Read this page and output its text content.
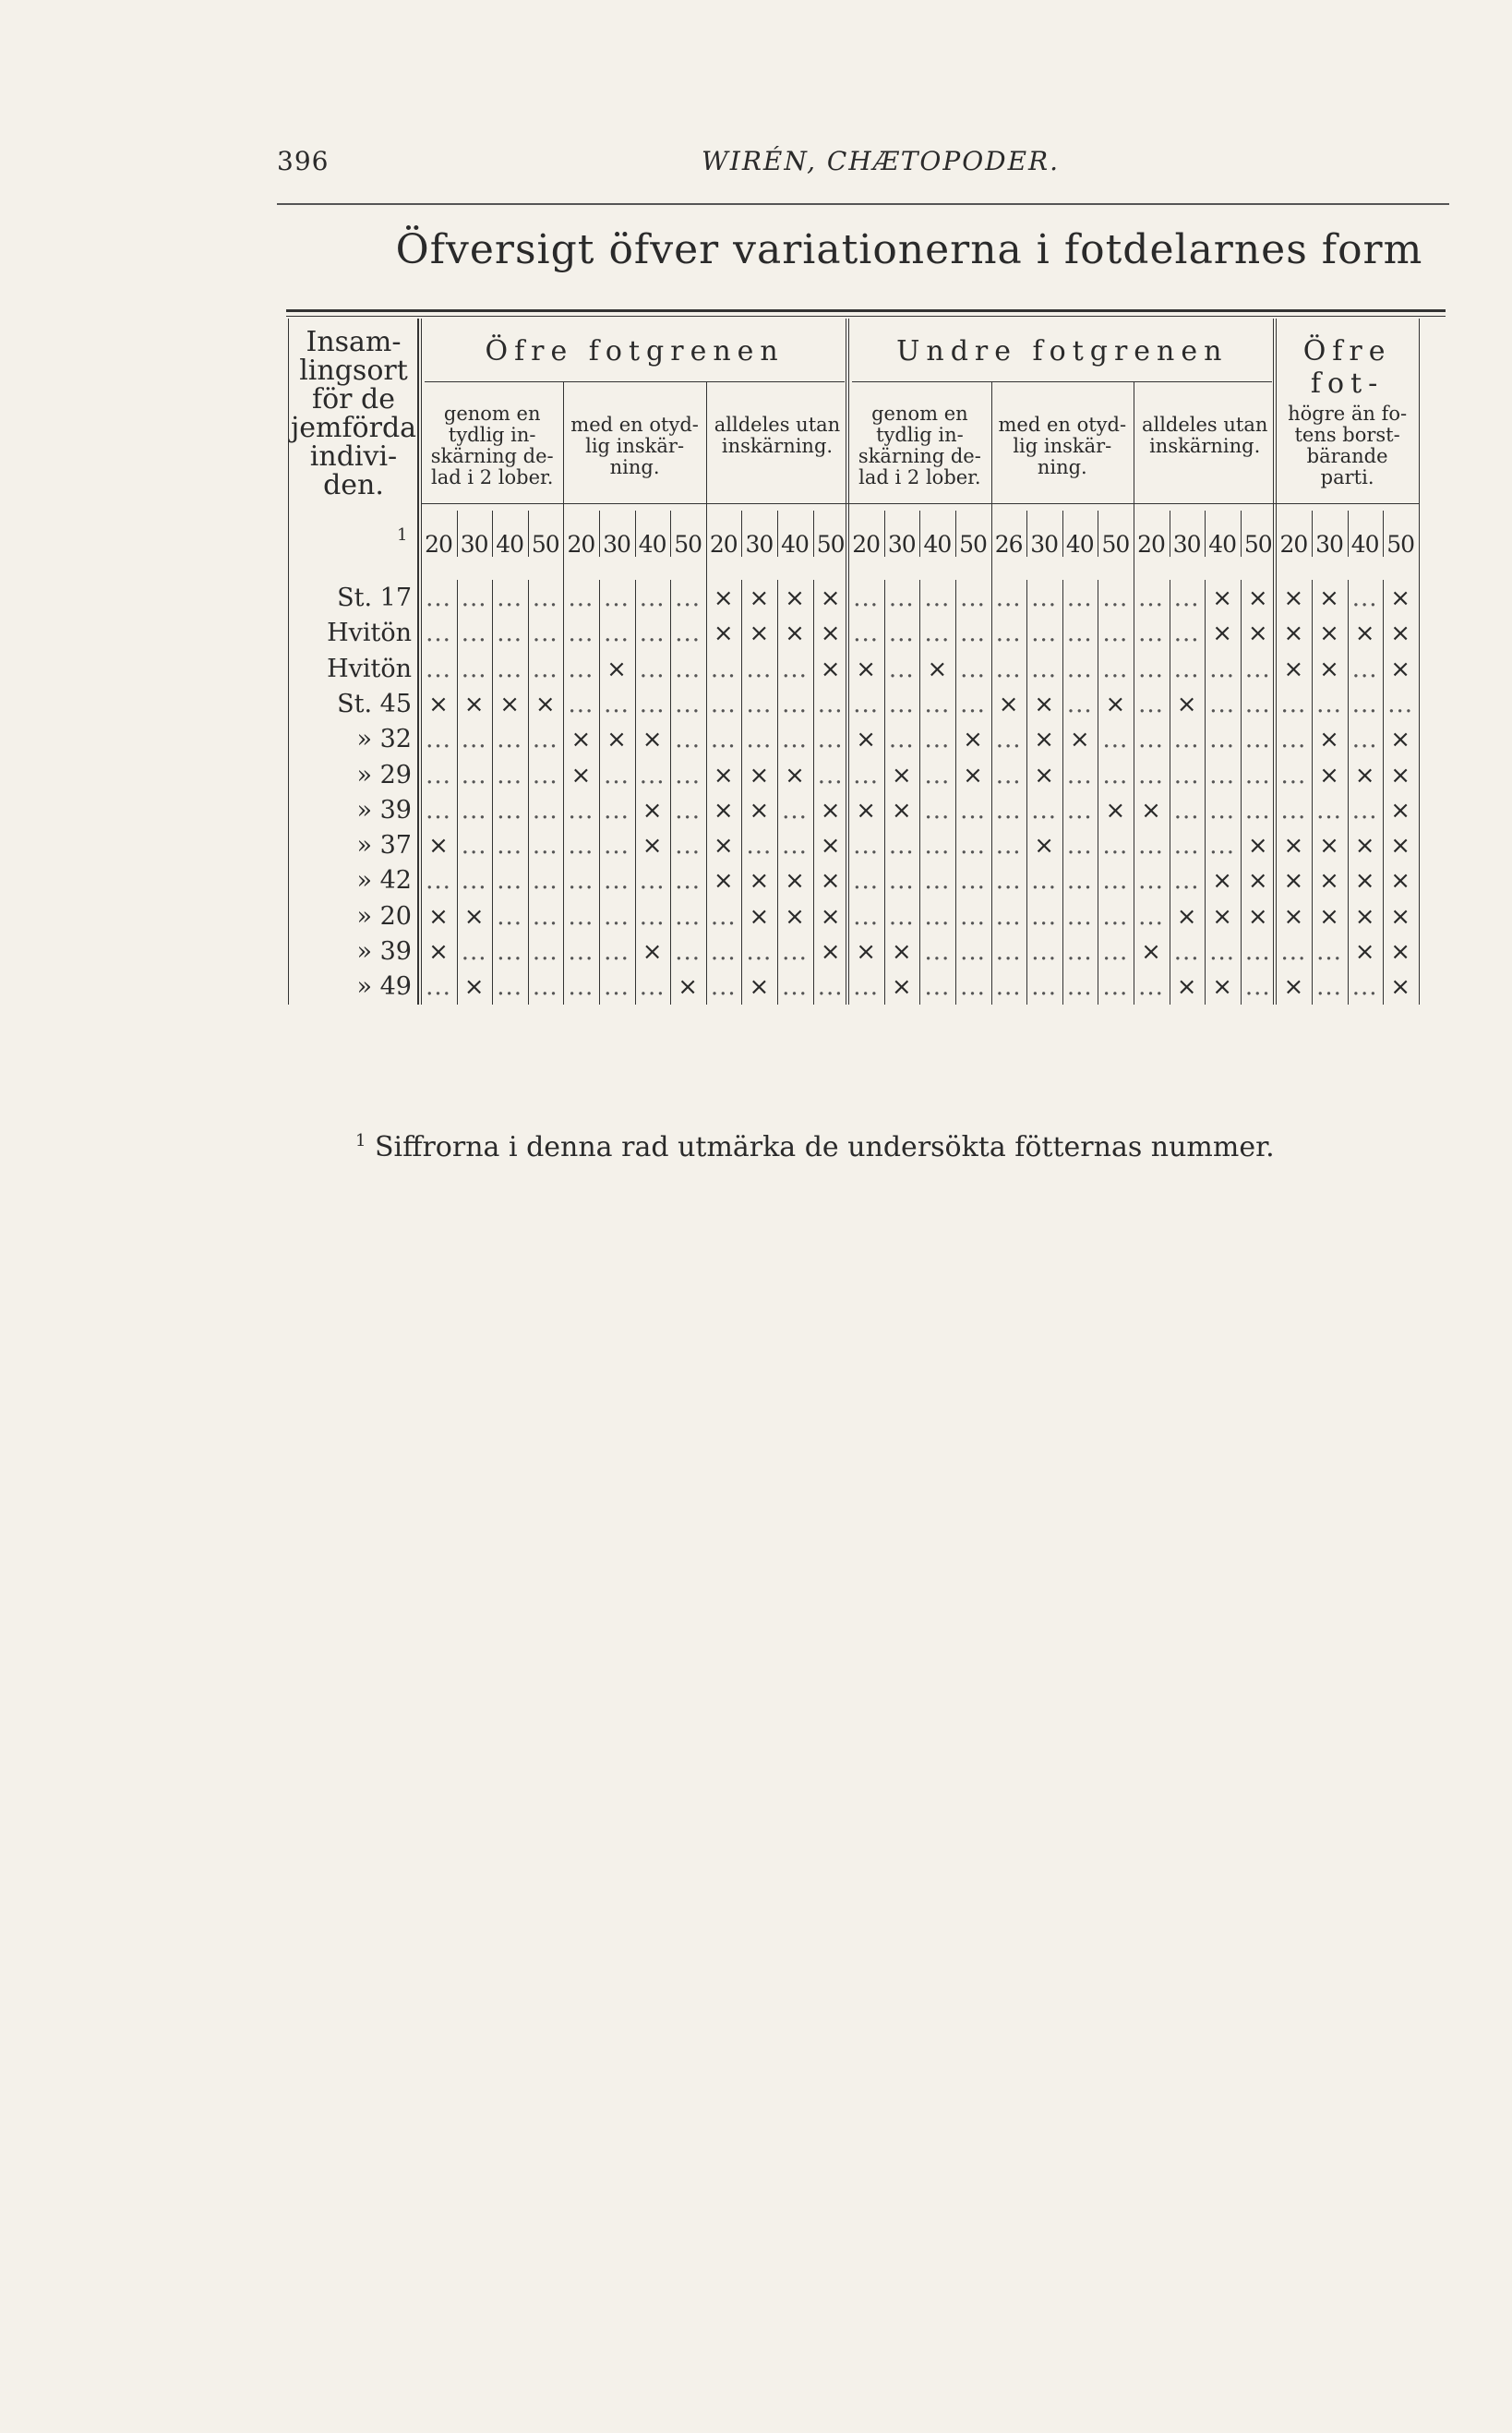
396	WIRÉN, CHÆTOPODER.
Öfversigt öfver variationerna i fotdelarnes form
Insam-
lingsort
för de
jemförda
indivi-
den.
Öfre fotgrenen
genom en
tydlig in-
skärning de-
lad i 2 lober.
med en otyd-
lig inskär-
ning.
alldeles utan
inskärning.
Undre fotgrenen
genom en
tydlig in-
skärning de-
lad i 2 lober.
med en otyd-
lig inskär-
ning.
alldeles utan
inskärning.
Öfre fot-
högre än fo-
tens borst-
bärande
parti.
1 20 30 40 50 20 30 40 50 20 30 40 50 20 30 40 50 26 30 40 50 20 30 40 50 20 30 40 50
St. 17 ... ... ... ... ... ... ... ... × × × × ... ... ... ... ... ... ... ... ... ... × × × × ... ×
Hvitön ... ... ... ... ... ... ... ... × × × × ... ... ... ... ... ... ... ... ... ... × × × × × ×
Hvitön ... ... ... ... ... × ... ... ... ... ... × × ... × ... ... ... ... ... ... ... ... ... × × ... ×
St. 45 × × × × ... ... ... ... ... ... ... ... ... ... ... ... × × ... × ... × ... ... ... ... ... ...
» 32 ... ... ... ... × × × ... ... ... ... ... × ... ... × ... × × ... ... ... ... ... ... × ... ×
» 29 ... ... ... ... × ... ... ... × × × ... ... × ... × ... × ... ... ... ... ... ... ... × × ×
» 39 ... ... ... ... ... ... × ... × × ... × × × ... ... ... ... ... × × ... ... ... ... ... ... ×
» 37 × ... ... ... ... ... × ... × ... ... × ... ... ... ... ... × ... ... ... ... ... × × × × ×
» 42 ... ... ... ... ... ... ... ... × × × × ... ... ... ... ... ... ... ... ... ... × × × × × ×
» 20 × × ... ... ... ... ... ... ... × × × ... ... ... ... ... ... ... ... ... × × × × × × ×
» 39 × ... ... ... ... ... × ... ... ... ... × × × ... ... ... ... ... ... × ... ... ... ... ... × ×
» 49 ... × ... ... ... ... ... × ... × ... ... ... × ... ... ... ... ... ... ... × × ... × ... ... ×
$^1$ Siffrorna i denna rad utmärka de undersökta fötternas nummer.
